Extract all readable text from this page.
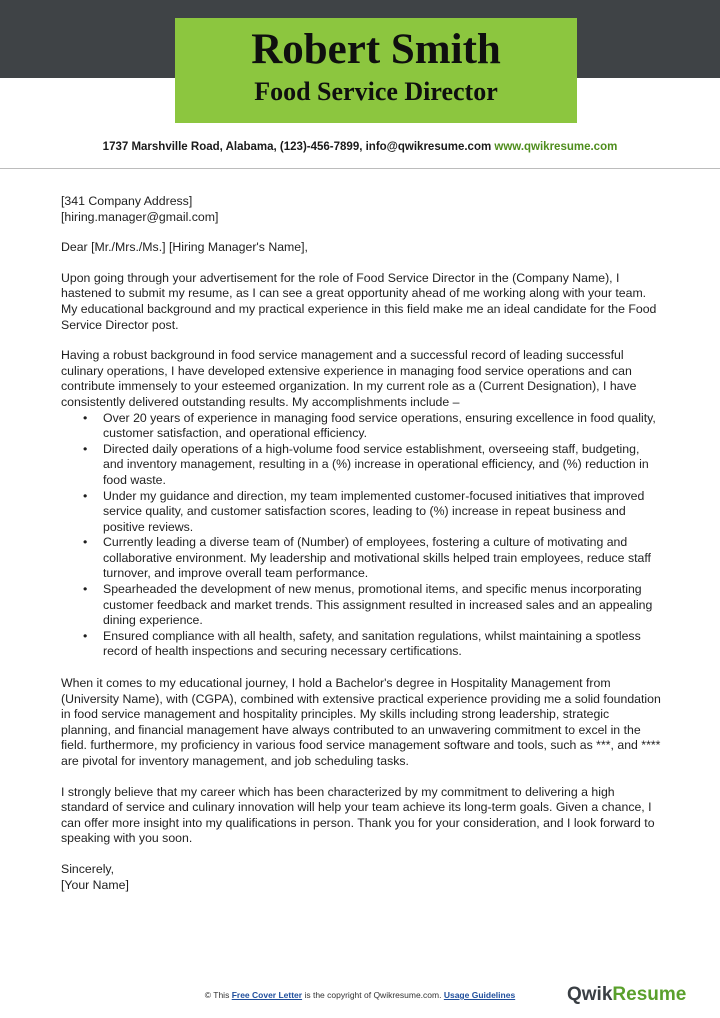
Robert Smith
Food Service Director
1737 Marshville Road, Alabama, (123)-456-7899, info@qwikresume.com www.qwikresume.com

[341 Company Address]
[hiring.manager@gmail.com]

Dear [Mr./Mrs./Ms.] [Hiring Manager's Name],

Upon going through your advertisement for the role of Food Service Director in the (Company Name), I hastened to submit my resume, as I can see a great opportunity ahead of me working along with your team. My educational background and my practical experience in this field make me an ideal candidate for the Food Service Director post.

Having a robust background in food service management and a successful record of leading successful culinary operations, I have developed extensive experience in managing food service operations and can contribute immensely to your esteemed organization. In my current role as a (Current Designation), I have consistently delivered outstanding results. My accomplishments include –

• Over 20 years of experience in managing food service operations, ensuring excellence in food quality, customer satisfaction, and operational efficiency.
• Directed daily operations of a high-volume food service establishment, overseeing staff, budgeting, and inventory management, resulting in a (%) increase in operational efficiency, and (%) reduction in food waste.
• Under my guidance and direction, my team implemented customer-focused initiatives that improved service quality, and customer satisfaction scores, leading to (%) increase in repeat business and positive reviews.
• Currently leading a diverse team of (Number) of employees, fostering a culture of motivating and collaborative environment. My leadership and motivational skills helped train employees, reduce staff turnover, and improve overall team performance.
• Spearheaded the development of new menus, promotional items, and specific menus incorporating customer feedback and market trends. This assignment resulted in increased sales and an appealing dining experience.
• Ensured compliance with all health, safety, and sanitation regulations, whilst maintaining a spotless record of health inspections and securing necessary certifications.

When it comes to my educational journey, I hold a Bachelor's degree in Hospitality Management from (University Name), with (CGPA), combined with extensive practical experience providing me a solid foundation in food service management and hospitality principles. My skills including strong leadership, strategic planning, and financial management have always contributed to an unwavering commitment to excel in the field. furthermore, my proficiency in various food service management software and tools, such as ***, and **** are pivotal for inventory management, and job scheduling tasks.

I strongly believe that my career which has been characterized by my commitment to delivering a high standard of service and culinary innovation will help your team achieve its long-term goals. Given a chance, I can offer more insight into my qualifications in person. Thank you for your consideration, and I look forward to speaking with you soon.

Sincerely,
[Your Name]

© This Free Cover Letter is the copyright of Qwikresume.com. Usage Guidelines	QwikResume
